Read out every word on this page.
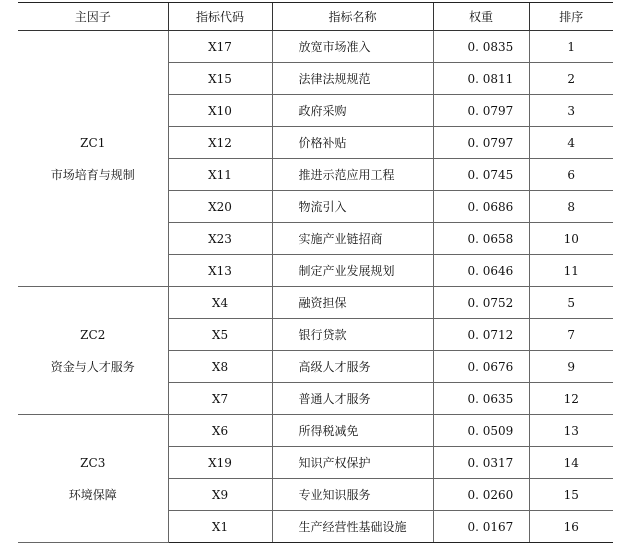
主因子	指标代码	指标名称	权重	排序

ZC1
市场培育与规制	X17	放宽市场准入	0. 0835	1
	X15	法律法规规范	0. 0811	2
	X10	政府采购	0. 0797	3
	X12	价格补贴	0. 0797	4
	X11	推进示范应用工程	0. 0745	6
	X20	物流引入	0. 0686	8
	X23	实施产业链招商	0. 0658	10
	X13	制定产业发展规划	0. 0646	11

ZC2
资金与人才服务	X4	融资担保	0. 0752	5
	X5	银行贷款	0. 0712	7
	X8	高级人才服务	0. 0676	9
	X7	普通人才服务	0. 0635	12

ZC3
环境保障	X6	所得税减免	0. 0509	13
	X19	知识产权保护	0. 0317	14
	X9	专业知识服务	0. 0260	15
	X1	生产经营性基础设施	0. 0167	16
